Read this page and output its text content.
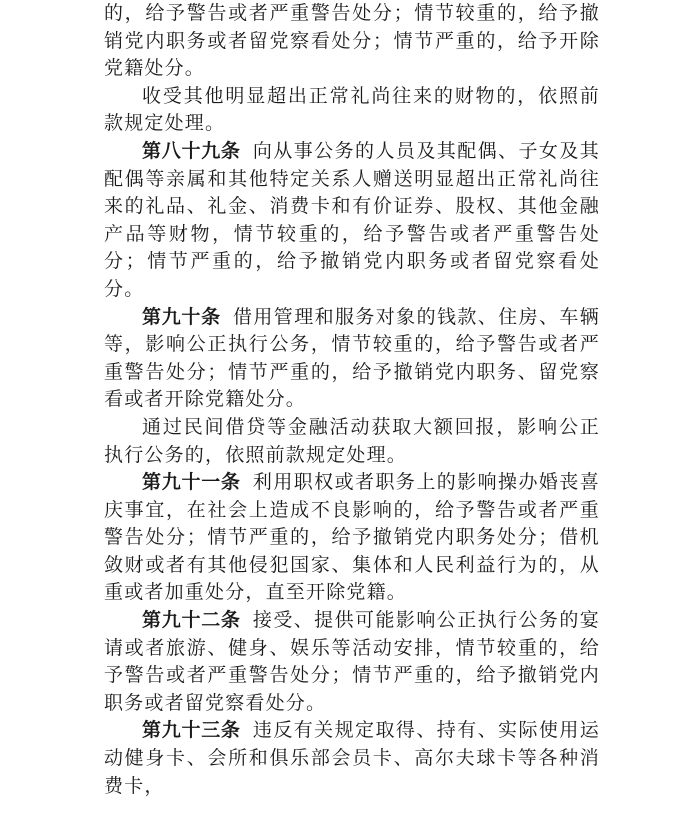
的，给予警告或者严重警告处分；情节较重的，给予撤销党内职务或者留党察看处分；情节严重的，给予开除党籍处分。

收受其他明显超出正常礼尚往来的财物的，依照前款规定处理。

第八十九条 向从事公务的人员及其配偶、子女及其配偶等亲属和其他特定关系人赠送明显超出正常礼尚往来的礼品、礼金、消费卡和有价证券、股权、其他金融产品等财物，情节较重的，给予警告或者严重警告处分；情节严重的，给予撤销党内职务或者留党察看处分。

第九十条 借用管理和服务对象的钱款、住房、车辆等，影响公正执行公务，情节较重的，给予警告或者严重警告处分；情节严重的，给予撤销党内职务、留党察看或者开除党籍处分。

通过民间借贷等金融活动获取大额回报，影响公正执行公务的，依照前款规定处理。

第九十一条 利用职权或者职务上的影响操办婚丧喜庆事宜，在社会上造成不良影响的，给予警告或者严重警告处分；情节严重的，给予撤销党内职务处分；借机敛财或者有其他侵犯国家、集体和人民利益行为的，从重或者加重处分，直至开除党籍。

第九十二条 接受、提供可能影响公正执行公务的宴请或者旅游、健身、娱乐等活动安排，情节较重的，给予警告或者严重警告处分；情节严重的，给予撤销党内职务或者留党察看处分。

第九十三条 违反有关规定取得、持有、实际使用运动健身卡、会所和俱乐部会员卡、高尔夫球卡等各种消费卡，
